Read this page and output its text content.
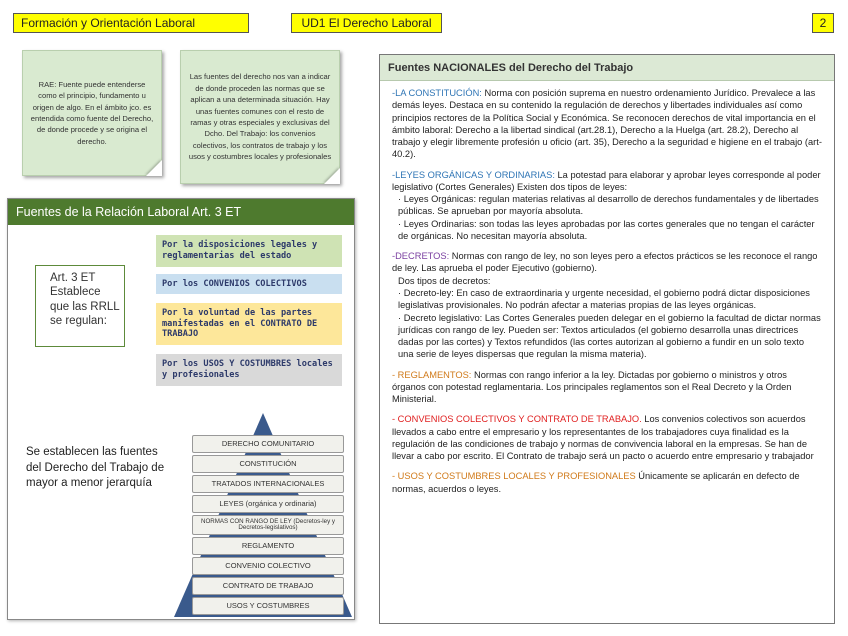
Formación y Orientación Laboral	UD1 El Derecho Laboral	2
RAE: Fuente puede entenderse como el principio, fundamento u origen de algo. En el ámbito jco. es entendida como fuente del Derecho, de donde procede y se origina el derecho.
Las fuentes del derecho nos van a indicar de donde proceden las normas que se aplican a una determinada situación. Hay unas fuentes comunes con el resto de ramas y otras especiales y exclusivas del Dcho. Del Trabajo: los convenios colectivos, los contratos de trabajo y los usos y costumbres locales y profesionales
Fuentes de la Relación Laboral Art. 3 ET
Art. 3 ET
Establece
que las RRLL
se regulan:
Por la disposiciones legales y reglamentarias del estado
Por los CONVENIOS COLECTIVOS
Por la voluntad de las partes manifestadas en el CONTRATO DE TRABAJO
Por los USOS Y COSTUMBRES locales y profesionales
Se establecen las fuentes del Derecho del Trabajo de mayor a menor jerarquía
DERECHO COMUNITARIO
CONSTITUCIÓN
TRATADOS INTERNACIONALES
LEYES (orgánica y ordinaria)
NORMAS CON RANGO DE LEY (Decretos-ley y Decretos-legislativos)
REGLAMENTO
CONVENIO COLECTIVO
CONTRATO DE TRABAJO
USOS Y COSTUMBRES
Fuentes NACIONALES del Derecho del Trabajo
-LA CONSTITUCIÓN: Norma con posición suprema en nuestro ordenamiento Jurídico. Prevalece a las demás leyes. Destaca en su contenido la regulación de derechos y libertades individuales así como principios rectores de la Política Social y Económica. Se reconocen derechos de vital importancia en el ámbito laboral: Derecho a la libertad sindical (art.28.1), Derecho a la Huelga (art. 28.2), Derecho al trabajo y elegir libremente profesión u oficio (art. 35), Derecho a la seguridad e higiene en el trabajo (art- 40.2).

-LEYES ORGÁNICAS Y ORDINARIAS: La potestad para elaborar y aprobar leyes corresponde al poder legislativo (Cortes Generales) Existen dos tipos de leyes:

· Leyes Orgánicas: regulan materias relativas al desarrollo de derechos fundamentales y de libertades públicas. Se aprueban por mayoría absoluta.

· Leyes Ordinarias: son todas las leyes aprobadas por las cortes generales que no tengan el carácter de orgánicas. No necesitan mayoría absoluta.

-DECRETOS: Normas con rango de ley, no son leyes pero a efectos prácticos se les reconoce el rango de ley. Las aprueba el poder Ejecutivo (gobierno).

Dos tipos de decretos:

· Decreto-ley: En caso de extraordinaria y urgente necesidad, el gobierno podrá dictar disposiciones legislativas provisionales. No podrán afectar a materias propias de las leyes orgánicas.

· Decreto legislativo: Las Cortes Generales pueden delegar en el gobierno la facultad de dictar normas jurídicas con rango de ley. Pueden ser: Textos articulados (el gobierno desarrolla unas directrices dadas por las cortes) y Textos refundidos (las cortes autorizan al gobierno a fundir en un solo texto una serie de leyes dispersas que regulan la misma materia).

- REGLAMENTOS: Normas con rango inferior a la ley. Dictadas por gobierno o ministros y otros órganos con potestad reglamentaria. Los principales reglamentos son el Real Decreto y la Orden Ministerial.
- CONVENIOS COLECTIVOS Y CONTRATO DE TRABAJO. Los convenios colectivos son acuerdos llevados a cabo entre el empresario y los representantes de los trabajadores cuya finalidad es la regulación de las condiciones de trabajo y normas de convivencia laboral en la empresas. Se han de llevar a cabo por escrito. El Contrato de trabajo será un pacto o acuerdo entre empresario y trabajador
- USOS Y COSTUMBRES LOCALES Y PROFESIONALES Únicamente se aplicarán en defecto de normas, acuerdos o leyes.
